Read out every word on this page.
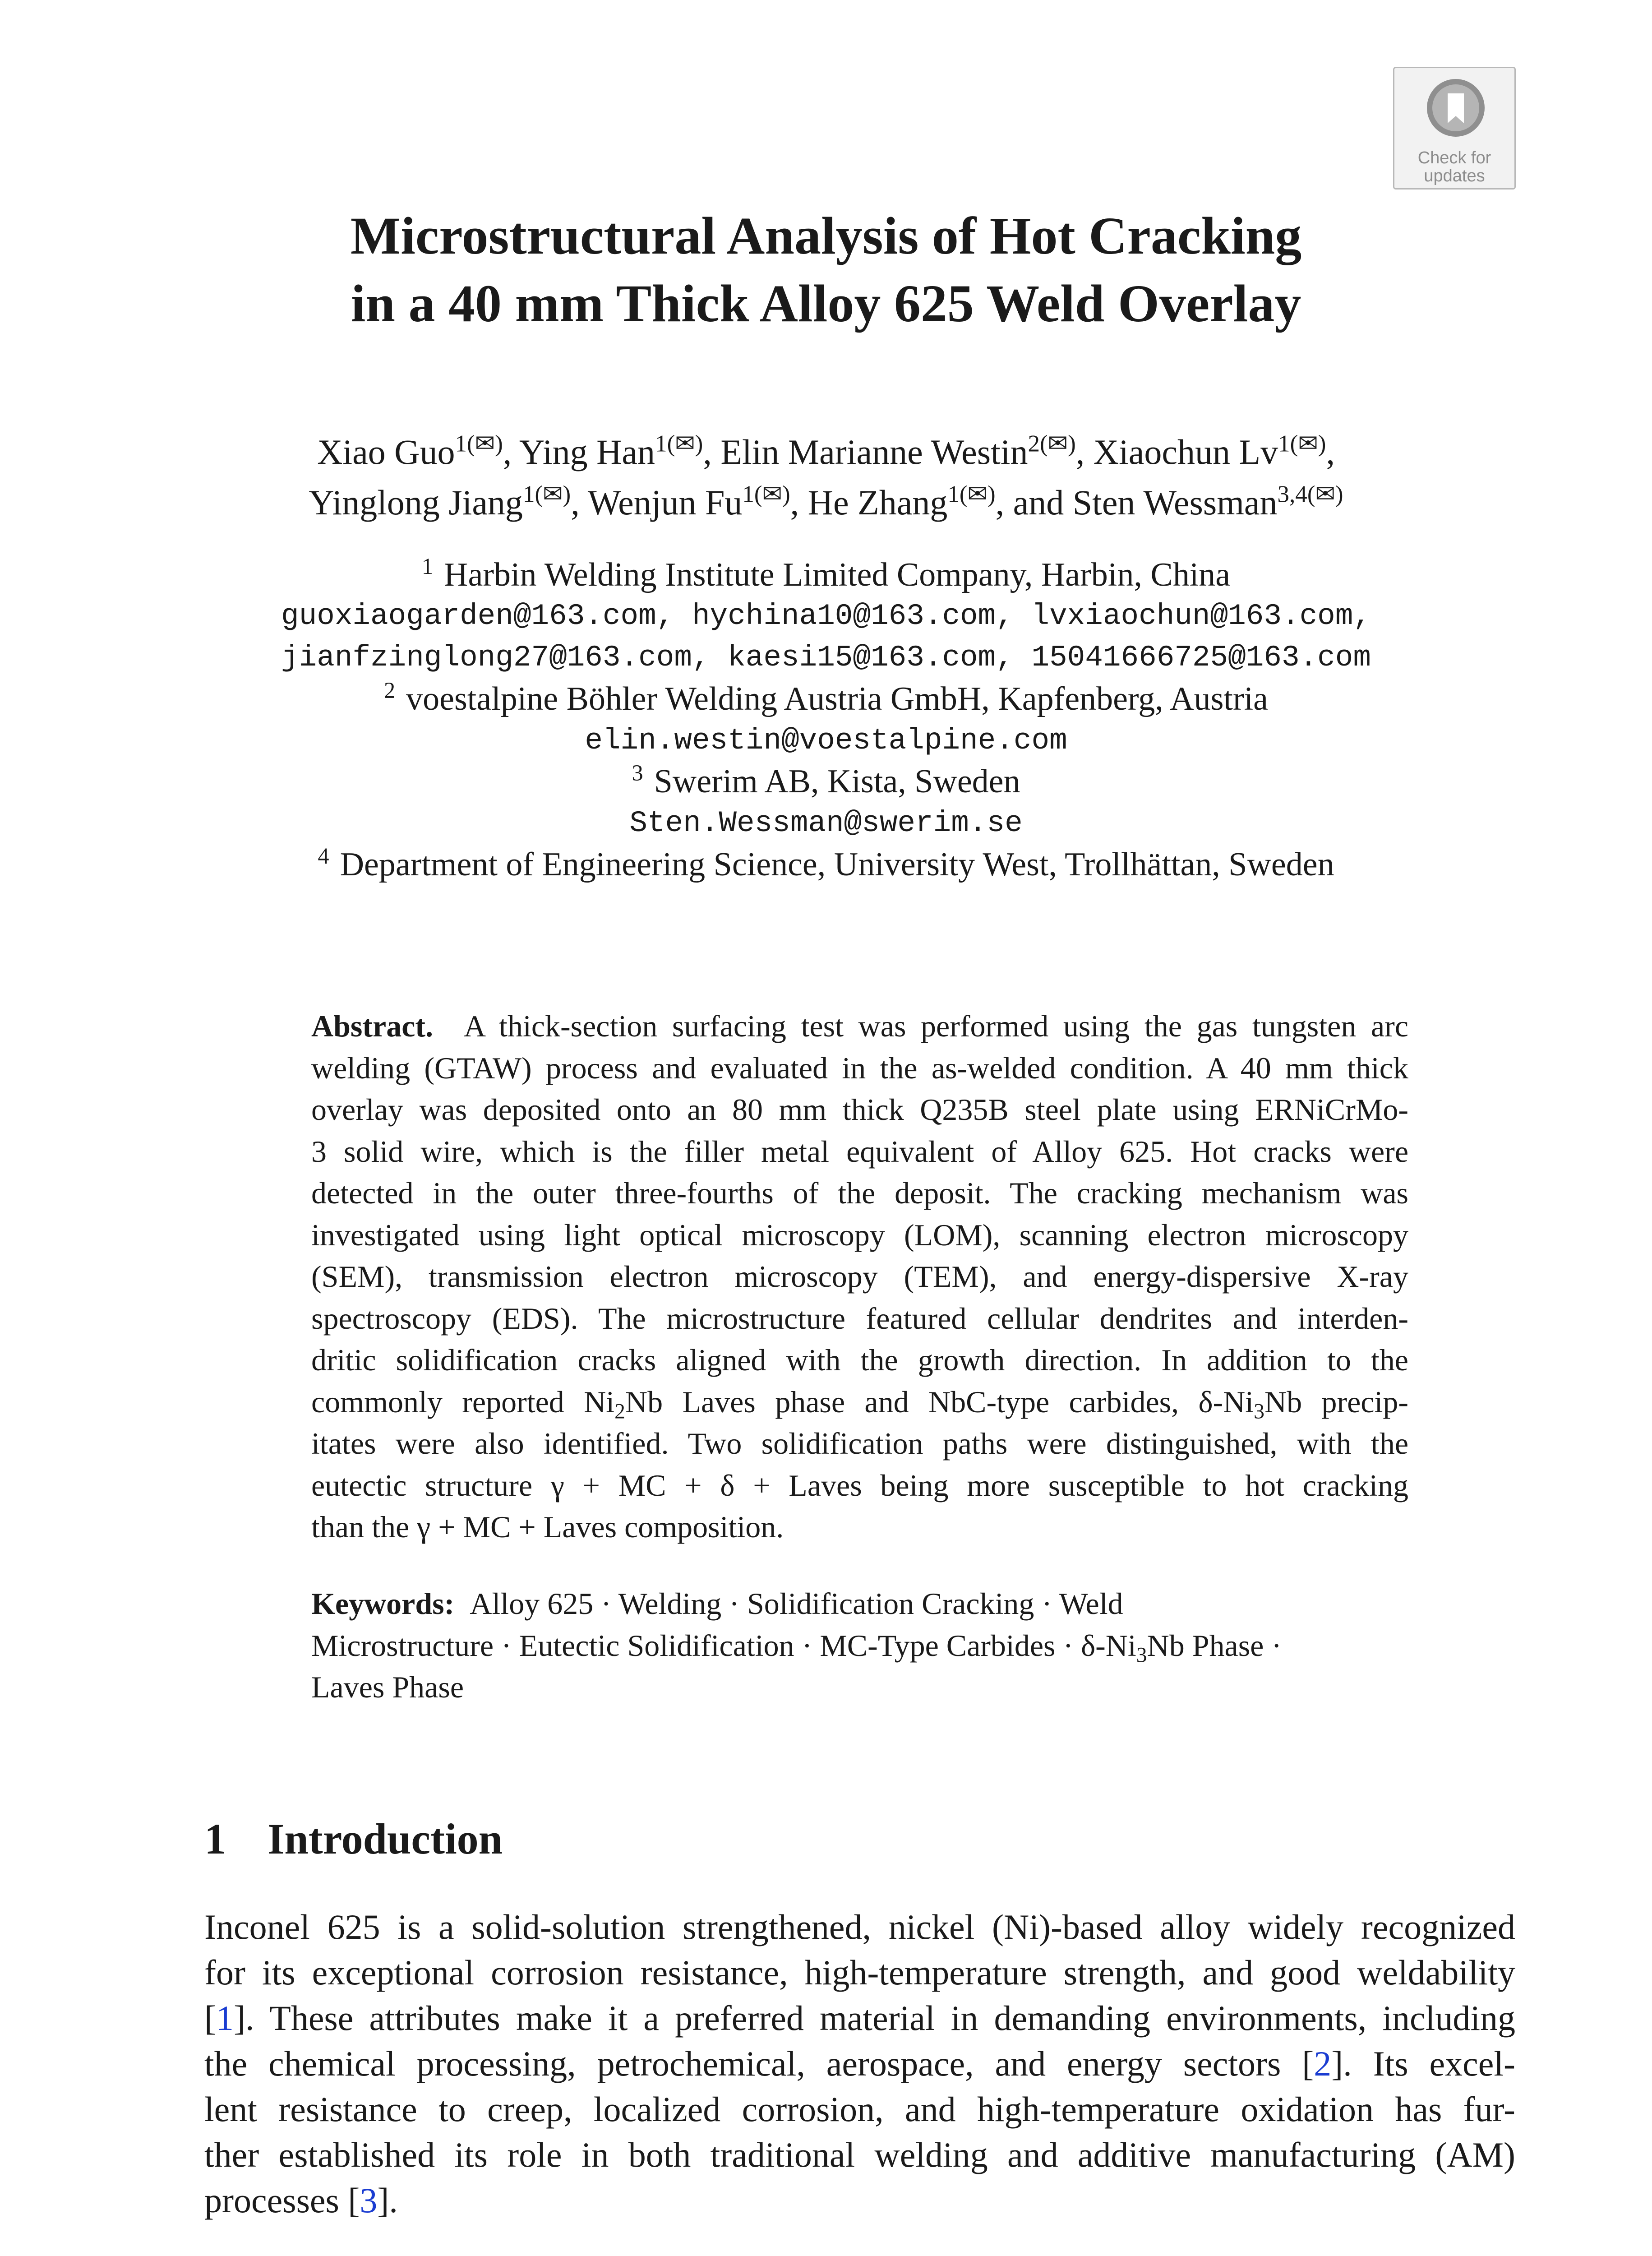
Check for
updates
Microstructural Analysis of Hot Cracking
in a 40 mm Thick Alloy 625 Weld Overlay
Xiao Guo$^{1(✉)}$, Ying Han$^{1(✉)}$, Elin Marianne Westin$^{2(✉)}$, Xiaochun $Lv^{1(✉)}$,
Yinglong Jiang$^{1(✉)}$, Wenjun $Fu^{1(✉)}$, He Zhang$^{1(✉)}$, and Sten Wessman$^{3,4(✉)}$
$^1$ Harbin Welding Institute Limited Company, Harbin, China
guoxiaogarden@163.com, hychina10@163.com, lvxiaochun@163.com,
jianfzinglong27@163.com, kaesi15@163.com, 15041666725@163.com
$^2$ voestalpine Böhler Welding Austria GmbH, Kapfenberg, Austria
elin.westin@voestalpine.com
$^3$ Swerim AB, Kista, Sweden
Sten.Wessman@swerim.se
$^4$ Department of Engineering Science, University West, Trollhättan, Sweden
Abstract.  A thick-section surfacing test was performed using the gas tungsten arc
welding (GTAW) process and evaluated in the as-welded condition. A 40 mm thick
overlay was deposited onto an 80 mm thick Q235B steel plate using ERNiCrMo-
3 solid wire, which is the filler metal equivalent of Alloy 625. Hot cracks were
detected in the outer three-fourths of the deposit. The cracking mechanism was
investigated using light optical microscopy (LOM), scanning electron microscopy
(SEM), transmission electron microscopy (TEM), and energy-dispersive X-ray
spectroscopy (EDS). The microstructure featured cellular dendrites and interden-
dritic solidification cracks aligned with the growth direction. In addition to the
commonly reported $Ni_2Nb$ Laves phase and NbC-type carbides, $\delta-Ni_3Nb$ precip-
itates were also identified. Two solidification paths were distinguished, with the
eutectic structure γ + MC + δ + Laves being more susceptible to hot cracking
than the γ + MC + Laves composition.
Keywords:  Alloy 625 · Welding · Solidification Cracking · Weld
Microstructure · Eutectic Solidification · MC-Type Carbides · $\delta-Ni_3Nb$ Phase ·
Laves Phase
1 Introduction
Inconel 625 is a solid-solution strengthened, nickel (Ni)-based alloy widely recognized
for its exceptional corrosion resistance, high-temperature strength, and good weldability
[1]. These attributes make it a preferred material in demanding environments, including
the chemical processing, petrochemical, aerospace, and energy sectors [2]. Its excel-
lent resistance to creep, localized corrosion, and high-temperature oxidation has fur-
ther established its role in both traditional welding and additive manufacturing (AM)
processes [3].
